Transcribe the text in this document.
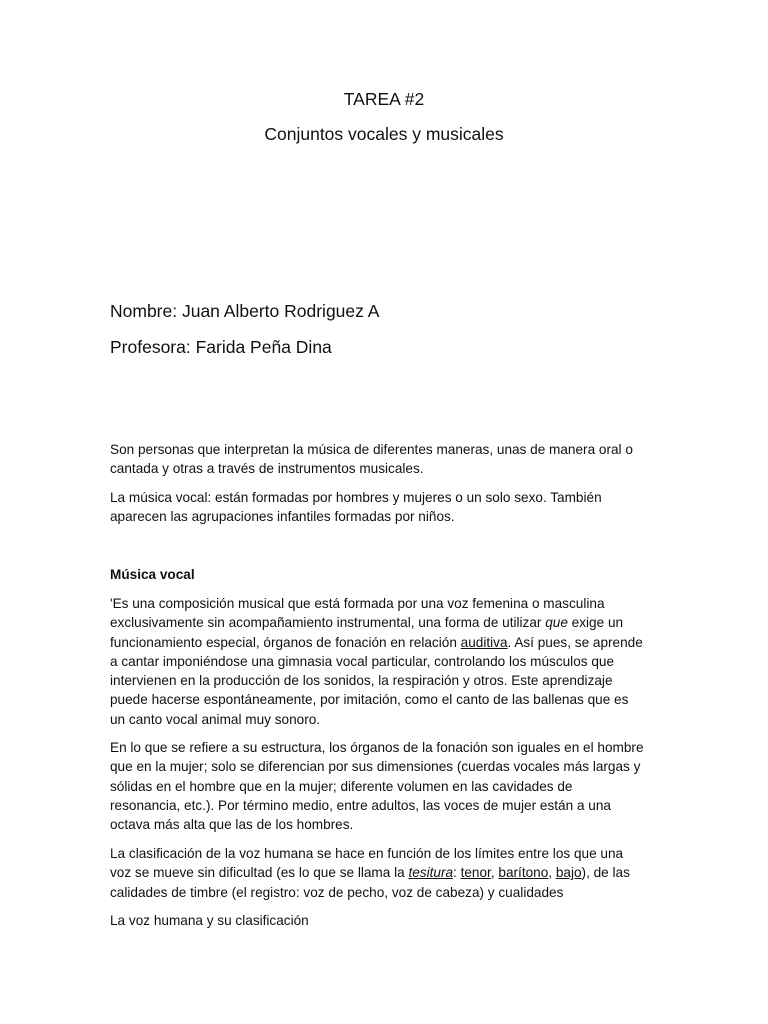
TAREA #2
Conjuntos vocales y musicales
Nombre: Juan Alberto Rodriguez A
Profesora: Farida Peña Dina

Son personas que interpretan la música de diferentes maneras, unas de manera oral o
cantada y otras a través de instrumentos musicales.

La música vocal: están formadas por hombres y mujeres o un solo sexo. También
aparecen las agrupaciones infantiles formadas por niños.

Música vocal

'Es una composición musical que está formada por una voz femenina o masculina
exclusivamente sin acompañamiento instrumental, una forma de utilizar que exige un
funcionamiento especial, órganos de fonación en relación auditiva. Así pues, se aprende
a cantar imponiéndose una gimnasia vocal particular, controlando los músculos que
intervienen en la producción de los sonidos, la respiración y otros. Este aprendizaje
puede hacerse espontáneamente, por imitación, como el canto de las ballenas que es
un canto vocal animal muy sonoro.

En lo que se refiere a su estructura, los órganos de la fonación son iguales en el hombre
que en la mujer; solo se diferencian por sus dimensiones (cuerdas vocales más largas y
sólidas en el hombre que en la mujer; diferente volumen en las cavidades de
resonancia, etc.). Por término medio, entre adultos, las voces de mujer están a una
octava más alta que las de los hombres.

La clasificación de la voz humana se hace en función de los límites entre los que una
voz se mueve sin dificultad (es lo que se llama la tesitura: tenor, barítono, bajo), de las
calidades de timbre (el registro: voz de pecho, voz de cabeza) y cualidades

La voz humana y su clasificación
